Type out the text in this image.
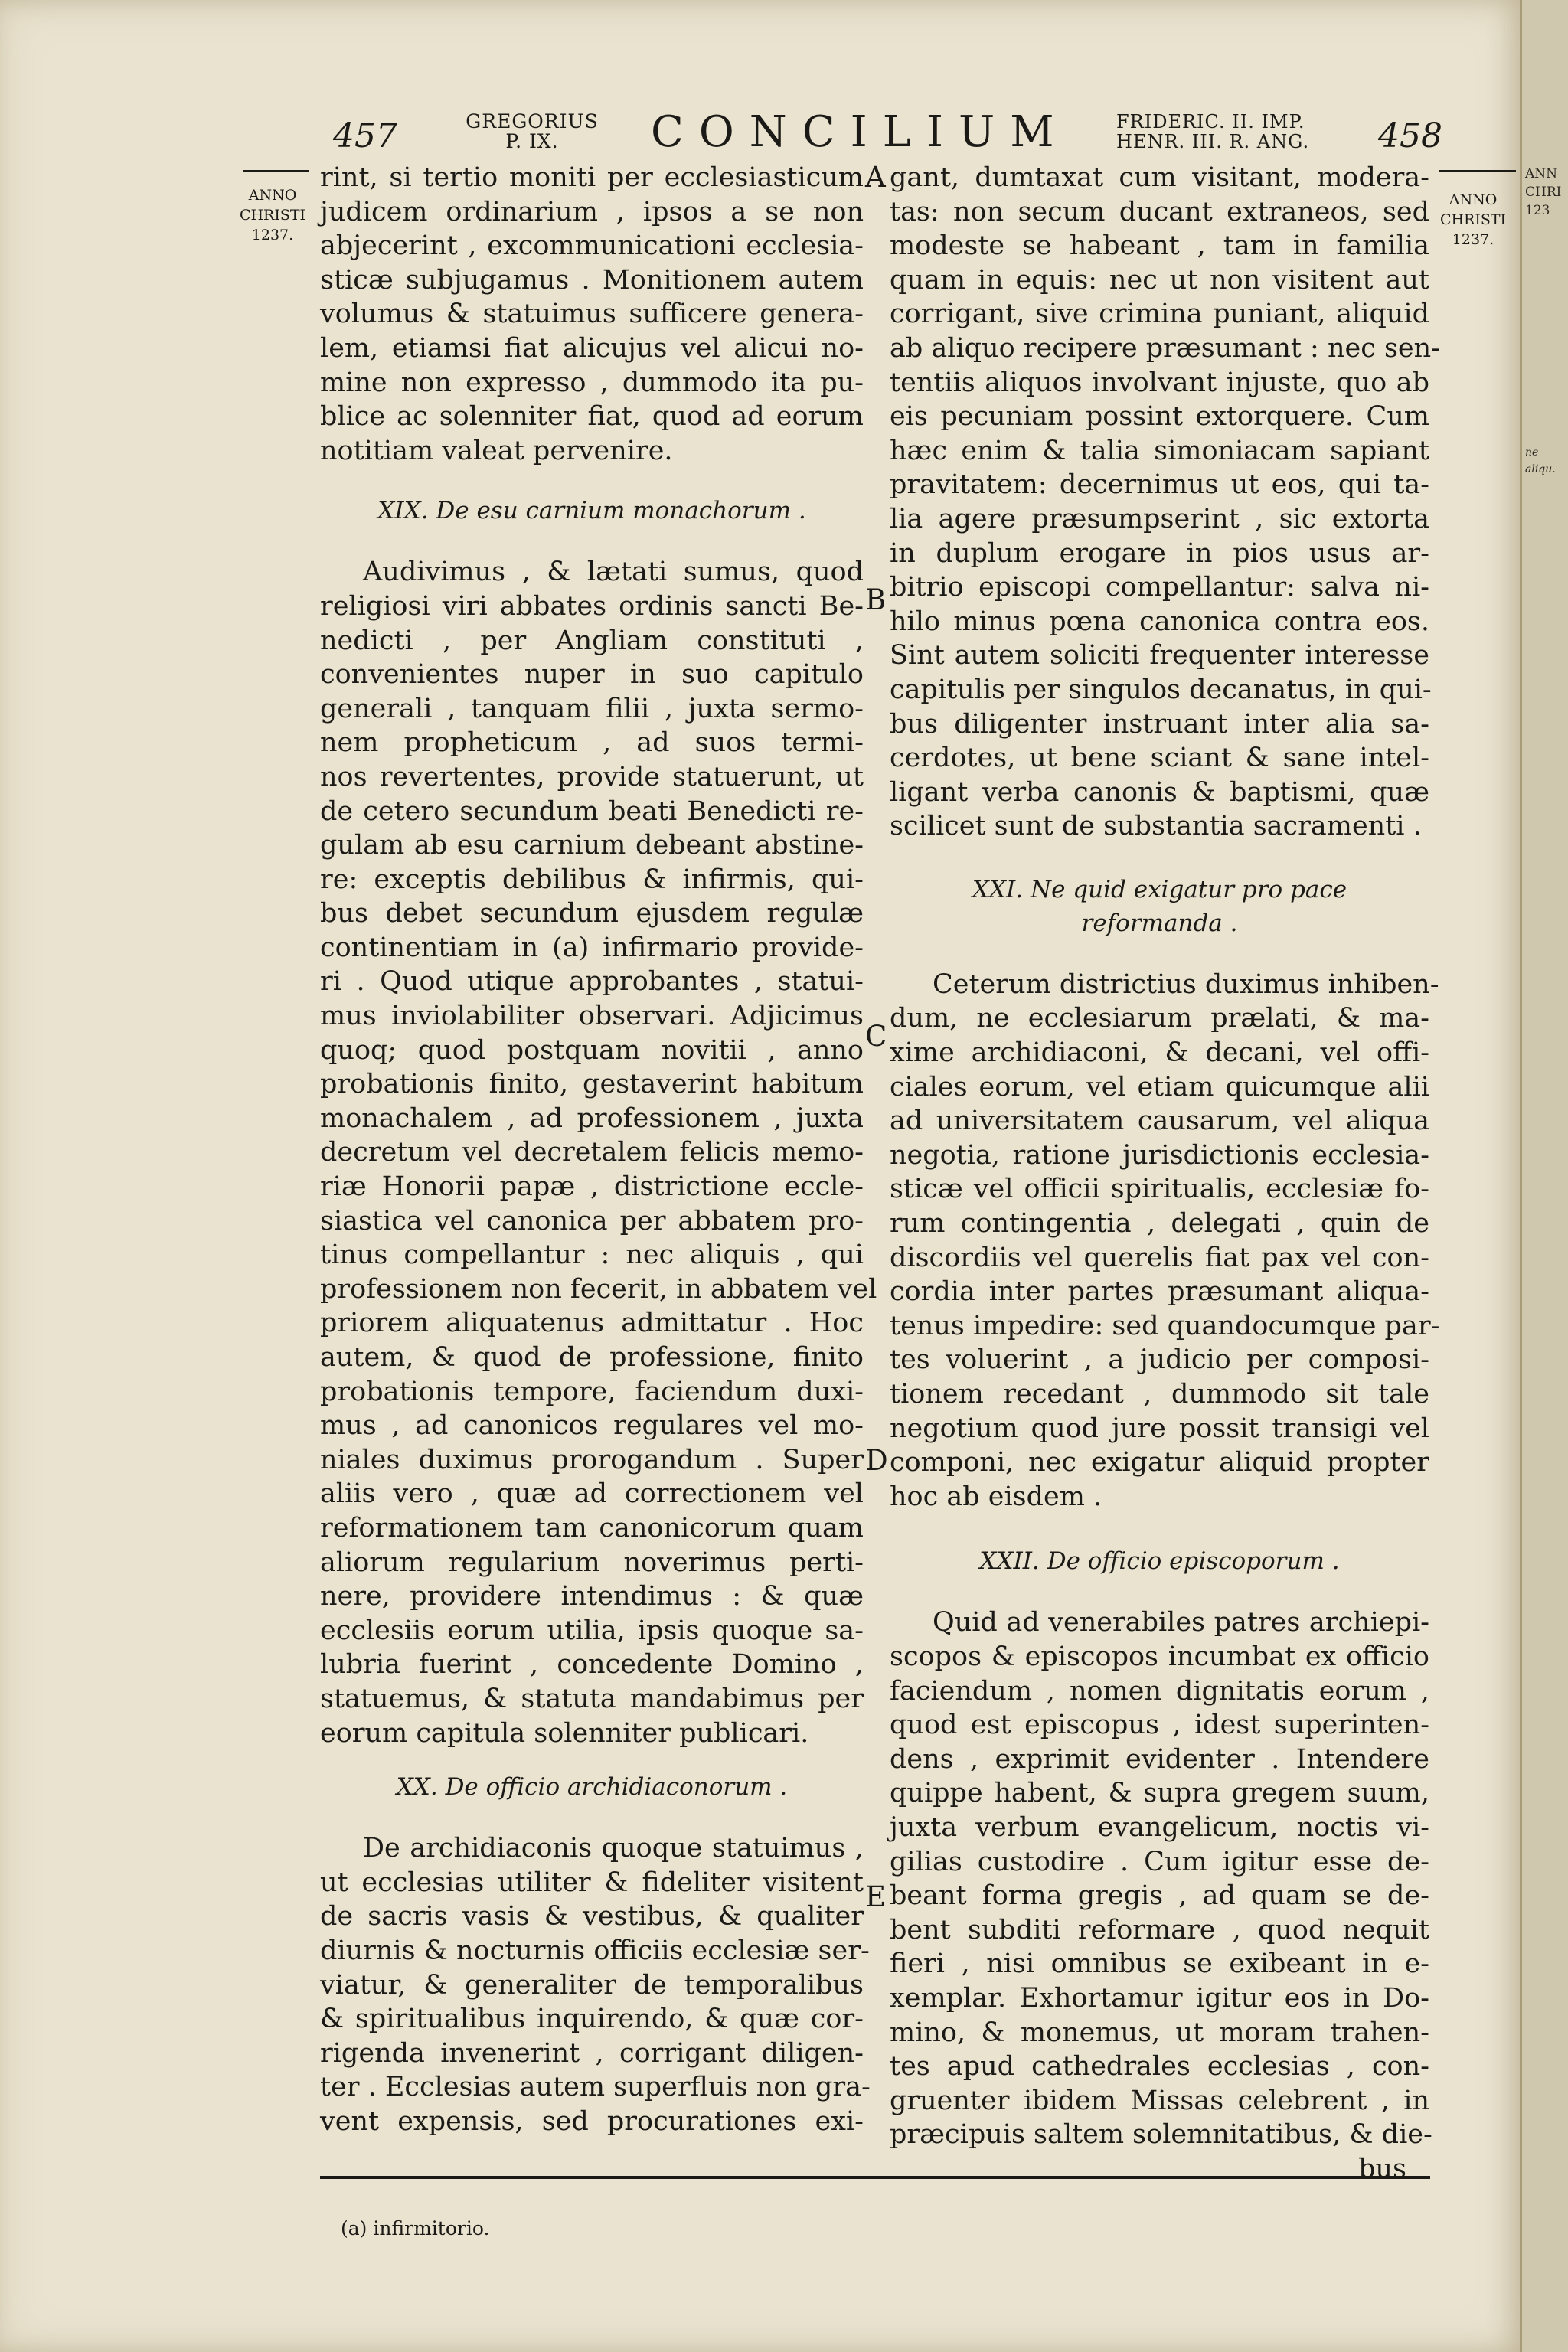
457	GREGORIUS
P. IX.	CONCILIUM	FRIDERIC. II. IMP.
HENR. III. R. ANG.	458
ANNO
CHRISTI
1237.
ANNO
CHRISTI
1237.
rint, si tertio moniti per ecclesiasticum
judicem ordinarium , ipsos a se non
abjecerint , excommunicationi ecclesia-
sticæ subjugamus . Monitionem autem
volumus & statuimus sufficere genera-
lem, etiamsi fiat alicujus vel alicui no-
mine non expresso , dummodo ita pu-
blice ac solenniter fiat, quod ad eorum
notitiam valeat pervenire.
XIX. De esu carnium monachorum .
Audivimus , & lætati sumus, quod
religiosi viri abbates ordinis sancti Be-
nedicti , per Angliam constituti ,
convenientes nuper in suo capitulo
generali , tanquam filii , juxta sermo-
nem propheticum , ad suos termi-
nos revertentes, provide statuerunt, ut
de cetero secundum beati Benedicti re-
gulam ab esu carnium debeant abstine-
re: exceptis debilibus & infirmis, qui-
bus debet secundum ejusdem regulæ
continentiam in (a) infirmario provide-
ri . Quod utique approbantes , statui-
mus inviolabiliter observari. Adjicimus
quoq; quod postquam novitii , anno
probationis finito, gestaverint habitum
monachalem , ad professionem , juxta
decretum vel decretalem felicis memo-
riæ Honorii papæ , districtione eccle-
siastica vel canonica per abbatem pro-
tinus compellantur : nec aliquis , qui
professionem non fecerit, in abbatem vel
priorem aliquatenus admittatur . Hoc
autem, & quod de professione, finito
probationis tempore, faciendum duxi-
mus , ad canonicos regulares vel mo-
niales duximus prorogandum . Super
aliis vero , quæ ad correctionem vel
reformationem tam canonicorum quam
aliorum regularium noverimus perti-
nere, providere intendimus : & quæ
ecclesiis eorum utilia, ipsis quoque sa-
lubria fuerint , concedente Domino ,
statuemus, & statuta mandabimus per
eorum capitula solenniter publicari.
XX. De officio archidiaconorum .
De archidiaconis quoque statuimus ,
ut ecclesias utiliter & fideliter visitent
de sacris vasis & vestibus, & qualiter
diurnis & nocturnis officiis ecclesiæ ser-
viatur, & generaliter de temporalibus
& spiritualibus inquirendo, & quæ cor-
rigenda invenerint , corrigant diligen-
ter . Ecclesias autem superfluis non gra-
vent expensis, sed procurationes exi-
gant, dumtaxat cum visitant, modera-
tas: non secum ducant extraneos, sed
modeste se habeant , tam in familia
quam in equis: nec ut non visitent aut
corrigant, sive crimina puniant, aliquid
ab aliquo recipere præsumant : nec sen-
tentiis aliquos involvant injuste, quo ab
eis pecuniam possint extorquere. Cum
hæc enim & talia simoniacam sapiant
pravitatem: decernimus ut eos, qui ta-
lia agere præsumpserint , sic extorta
in duplum erogare in pios usus ar-
bitrio episcopi compellantur: salva ni-
hilo minus pœna canonica contra eos.
Sint autem soliciti frequenter interesse
capitulis per singulos decanatus, in qui-
bus diligenter instruant inter alia sa-
cerdotes, ut bene sciant & sane intel-
ligant verba canonis & baptismi, quæ
scilicet sunt de substantia sacramenti .
XXI. Ne quid exigatur pro pace
reformanda .
Ceterum districtius duximus inhiben-
dum, ne ecclesiarum prælati, & ma-
xime archidiaconi, & decani, vel offi-
ciales eorum, vel etiam quicumque alii
ad universitatem causarum, vel aliqua
negotia, ratione jurisdictionis ecclesia-
sticæ vel officii spiritualis, ecclesiæ fo-
rum contingentia , delegati , quin de
discordiis vel querelis fiat pax vel con-
cordia inter partes præsumant aliqua-
tenus impedire: sed quandocumque par-
tes voluerint , a judicio per composi-
tionem recedant , dummodo sit tale
negotium quod jure possit transigi vel
componi, nec exigatur aliquid propter
hoc ab eisdem .
XXII. De officio episcoporum .
Quid ad venerabiles patres archiepi-
scopos & episcopos incumbat ex officio
faciendum , nomen dignitatis eorum ,
quod est episcopus , idest superinten-
dens , exprimit evidenter . Intendere
quippe habent, & supra gregem suum,
juxta verbum evangelicum, noctis vi-
gilias custodire . Cum igitur esse de-
beant forma gregis , ad quam se de-
bent subditi reformare , quod nequit
fieri , nisi omnibus se exibeant in e-
xemplar. Exhortamur igitur eos in Do-
mino, & monemus, ut moram trahen-
tes apud cathedrales ecclesias , con-
gruenter ibidem Missas celebrent , in
præcipuis saltem solemnitatibus, & die-
bus
A
B
C
D
E
(a) infirmitorio.
ANN
CHRI
123
ne
aliqu.
